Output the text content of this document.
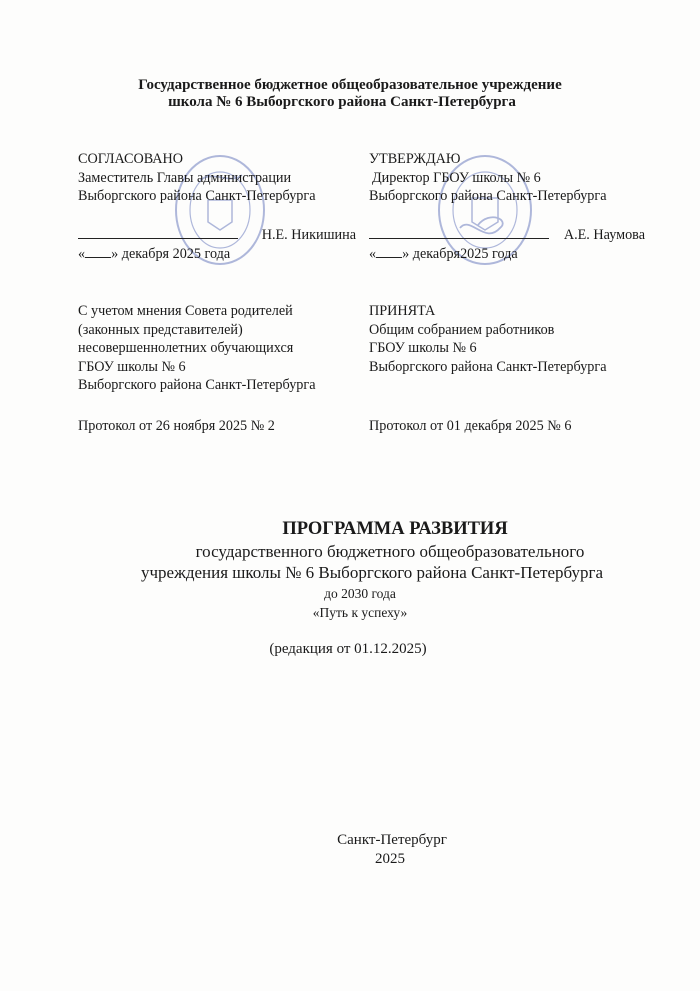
Государственное бюджетное общеобразовательное учреждение
школа № 6 Выборгского района Санкт-Петербурга
СОГЛАСОВАНО
Заместитель Главы администрации
Выборгского района Санкт-Петербурга
Н.Е. Никишина
« » декабря 2025 года
УТВЕРЖДАЮ
Директор ГБОУ школы № 6
Выборгского района Санкт-Петербурга
А.Е. Наумова
« » декабря2025 года
С учетом мнения Совета родителей
(законных представителей)
несовершеннолетних обучающихся
ГБОУ школы № 6
Выборгского района Санкт-Петербурга
Протокол от 26 ноября 2025 № 2
ПРИНЯТА
Общим собранием работников
ГБОУ школы № 6
Выборгского района Санкт-Петербурга
Протокол от 01 декабря 2025 № 6
ПРОГРАММА РАЗВИТИЯ
государственного бюджетного общеобразовательного
учреждения школы № 6 Выборгского района Санкт-Петербурга
до 2030 года
«Путь к успеху»
(редакция от 01.12.2025)
Санкт-Петербург
2025
